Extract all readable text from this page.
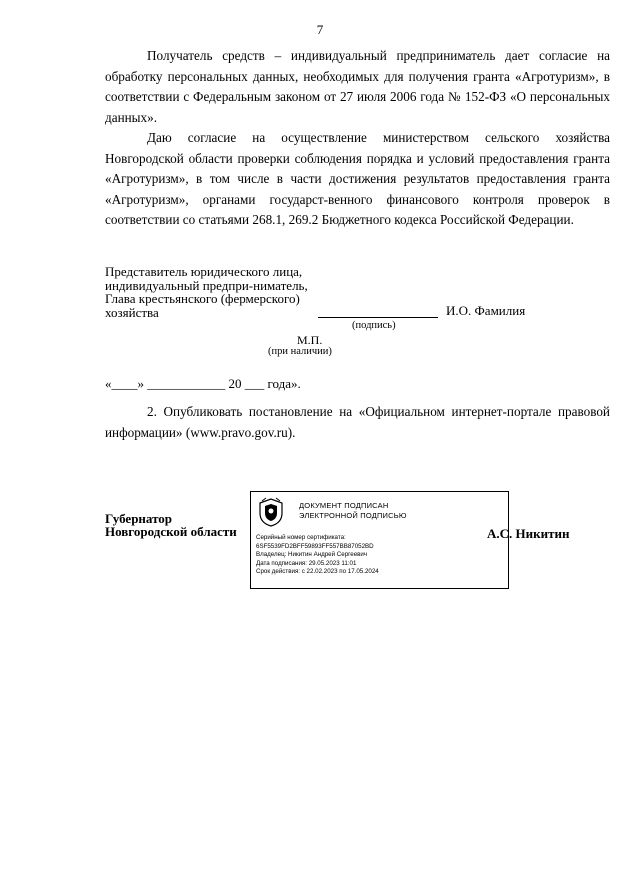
7

Получатель средств – индивидуальный предприниматель дает согласие на обработку персональных данных, необходимых для получения гранта «Агротуризм», в соответствии с Федеральным законом от 27 июля 2006 года № 152-ФЗ «О персональных данных».

Даю согласие на осуществление министерством сельского хозяйства Новгородской области проверки соблюдения порядка и условий предоставления гранта «Агротуризм», в том числе в части достижения результатов предоставления гранта «Агротуризм», органами государст-венного финансового контроля проверок в соответствии со статьями 268.1, 269.2 Бюджетного кодекса Российской Федерации.

Представитель юридического лица, индивидуальный предпри-ниматель, Глава крестьянского (фермерского) хозяйства	И.О. Фамилия
(подпись)
М.П.
(при наличии)
«____» ____________ 20 ___ года».

2. Опубликовать постановление на «Официальном интернет-портале правовой информации» (www.pravo.gov.ru).

Губернатор
Новгородской области
ДОКУМЕНТ ПОДПИСАН
ЭЛЕКТРОННОЙ ПОДПИСЬЮ
Серийный номер сертификата:
6SF5539FD2BFF59893FF557BB87052BD
Владелец: Никитин Андрей Сергеевич
Дата подписания: 29.05.2023 11:01
Срок действия: с 22.02.2023 по 17.05.2024
А.С. Никитин
